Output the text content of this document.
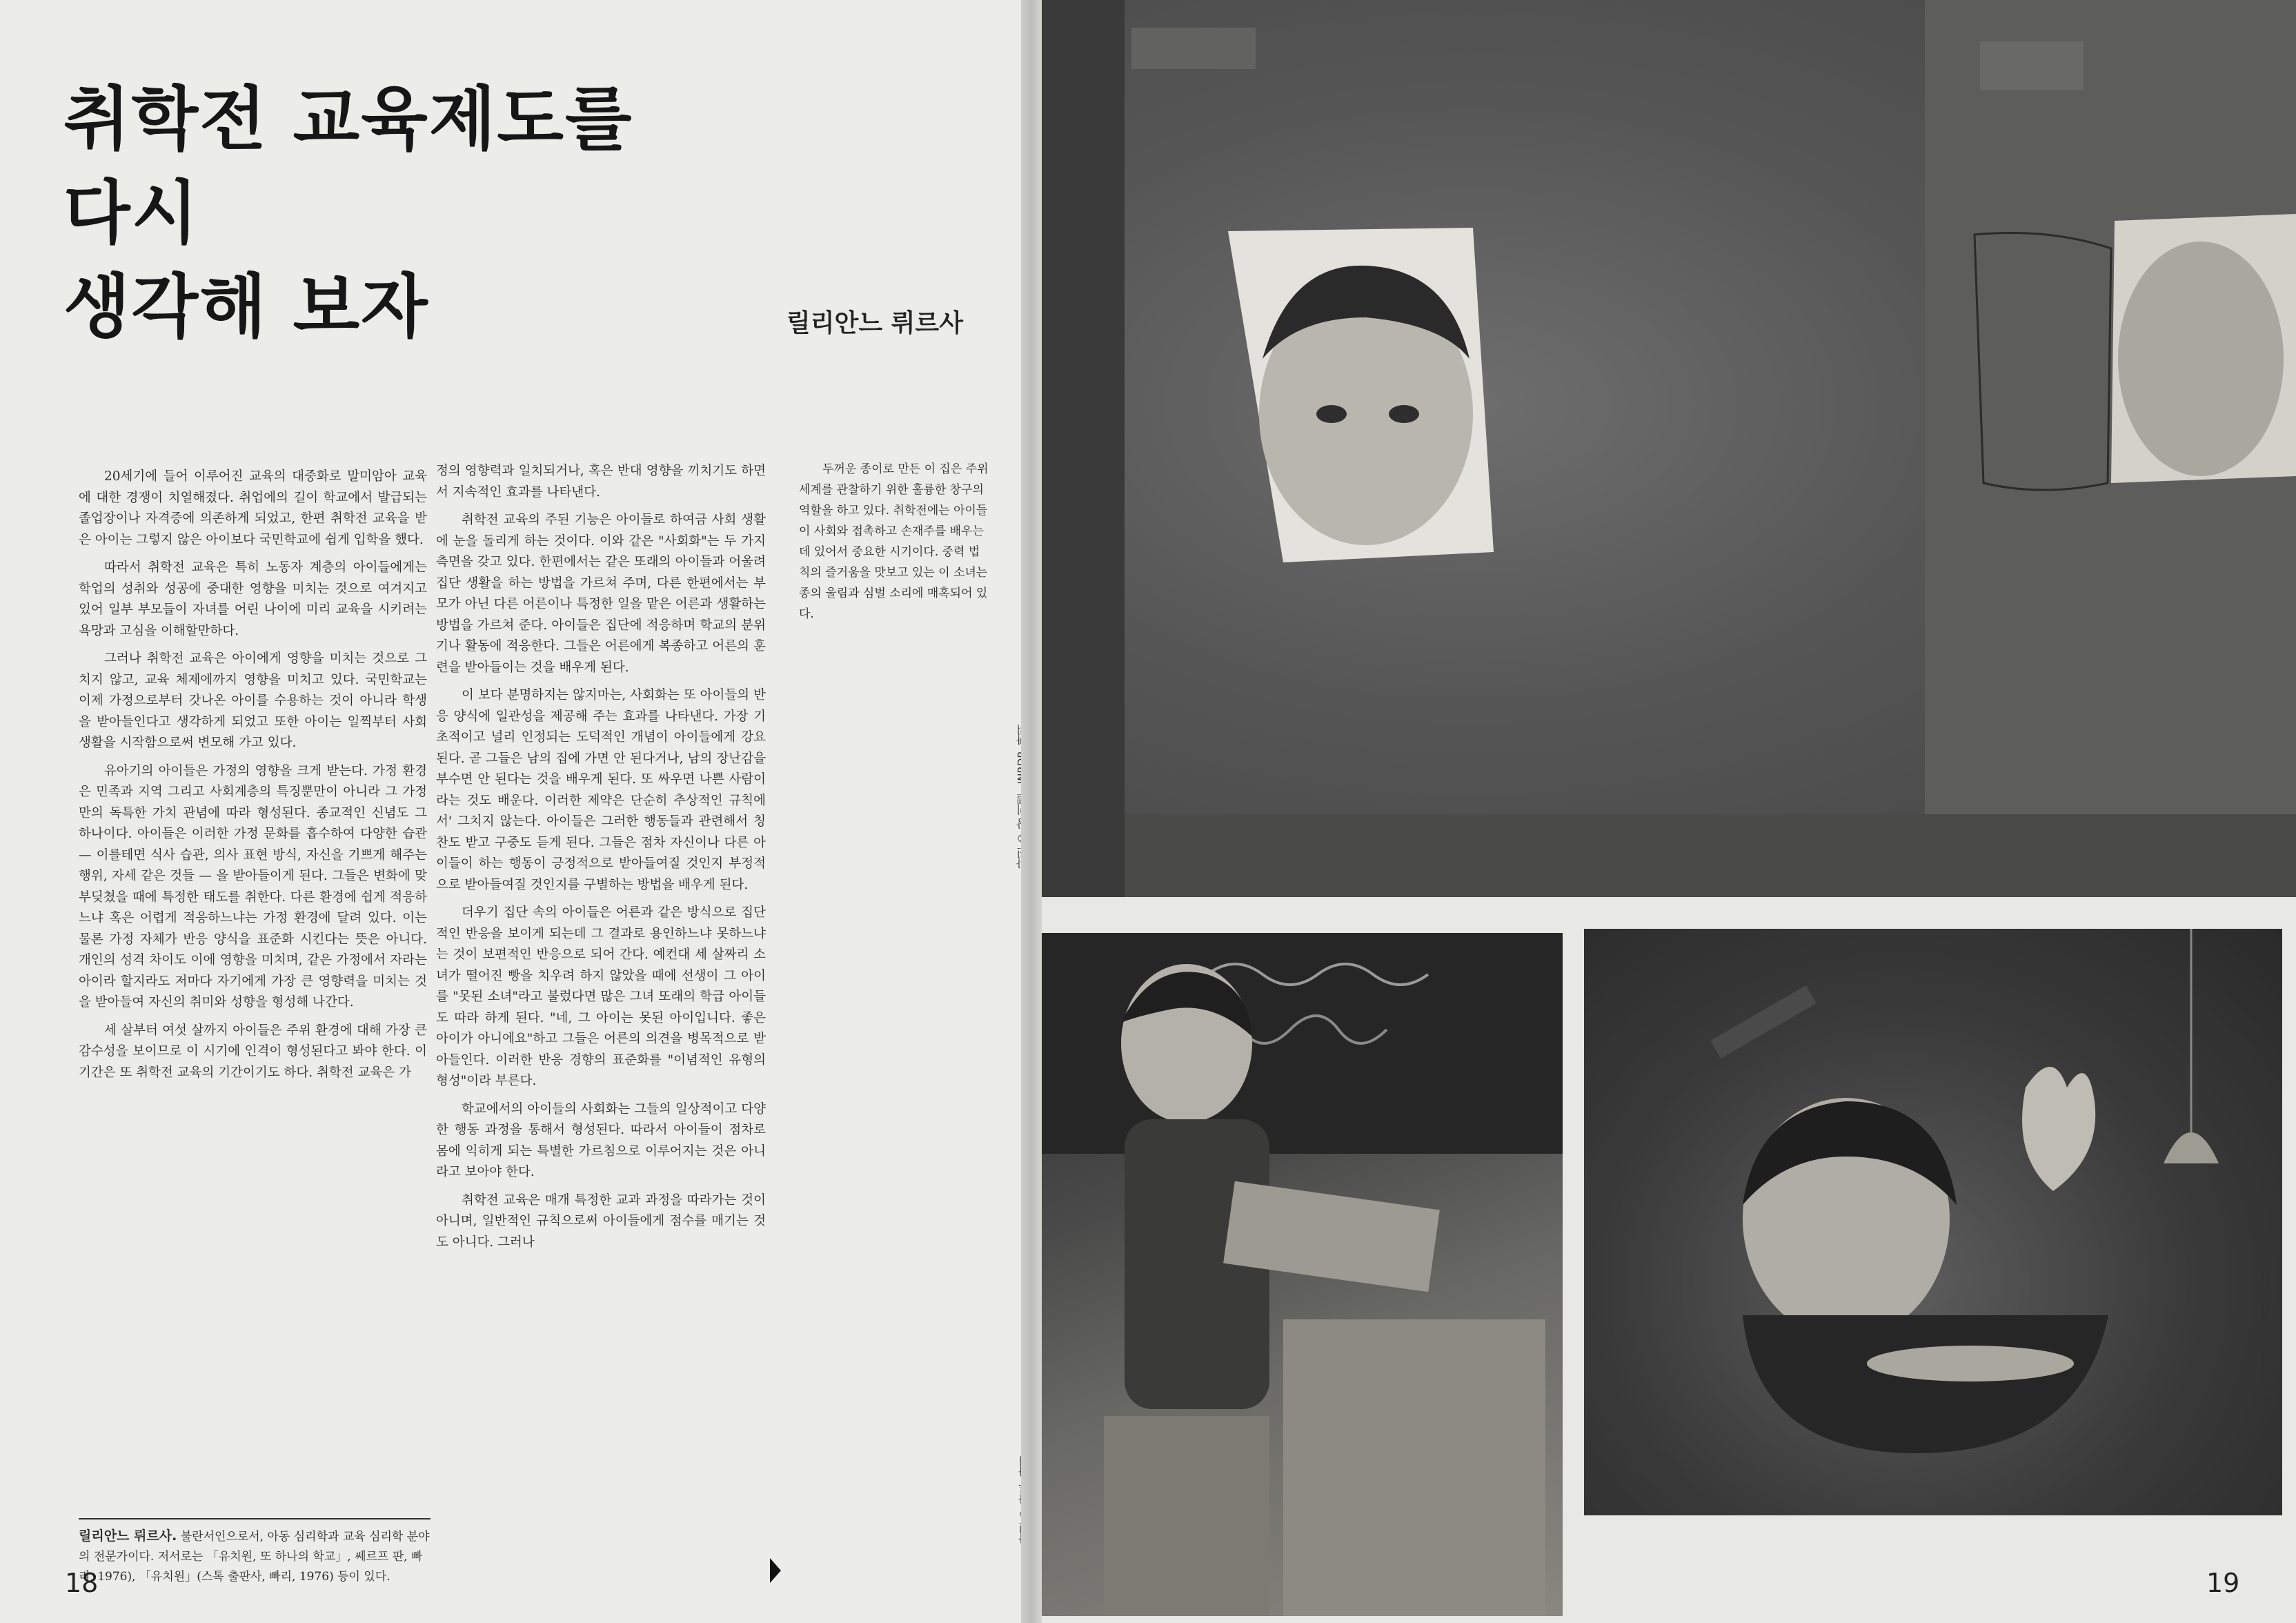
취학전 교육제도를
다시
생각해 보자	릴리안느 뤼르사

20세기에 들어 이루어진 교육의 대중화로 말미암아 교육에 대한 경쟁이 치열해졌다. 취업에의 길이 학교에서 발급되는 졸업장이나 자격증에 의존하게 되었고, 한편 취학전 교육을 받은 아이는 그렇지 않은 아이보다 국민학교에 쉽게 입학을 했다.

따라서 취학전 교육은 특히 노동자 계층의 아이들에게는 학업의 성취와 성공에 중대한 영향을 미치는 것으로 여겨지고 있어 일부 부모들이 자녀를 어린 나이에 미리 교육을 시키려는 욕망과 고심을 이해할만하다.

그러나 취학전 교육은 아이에게 영향을 미치는 것으로 그치지 않고, 교육 체제에까지 영향을 미치고 있다. 국민학교는 이제 가정으로부터 갓나온 아이를 수용하는 것이 아니라 학생을 받아들인다고 생각하게 되었고 또한 아이는 일찍부터 사회 생활을 시작함으로써 변모해 가고 있다.

유아기의 아이들은 가정의 영향을 크게 받는다. 가정 환경은 민족과 지역 그리고 사회계층의 특징뿐만이 아니라 그 가정만의 독특한 가치 관념에 따라 형성된다. 종교적인 신념도 그 하나이다. 아이들은 이러한 가정 문화를 흡수하여 다양한 습관 — 이를테면 식사 습관, 의사 표현 방식, 자신을 기쁘게 해주는 행위, 자세 같은 것들 — 을 받아들이게 된다. 그들은 변화에 맞부딪쳤을 때에 특정한 태도를 취한다. 다른 환경에 쉽게 적응하느냐 혹은 어렵게 적응하느냐는 가정 환경에 달려 있다. 이는 물론 가정 자체가 반응 양식을 표준화 시킨다는 뜻은 아니다. 개인의 성격 차이도 이에 영향을 미치며, 같은 가정에서 자라는 아이라 할지라도 저마다 자기에게 가장 큰 영향력을 미치는 것을 받아들여 자신의 취미와 성향을 형성해 나간다.

세 살부터 여섯 살까지 아이들은 주위 환경에 대해 가장 큰 감수성을 보이므로 이 시기에 인격이 형성된다고 봐야 한다. 이 기간은 또 취학전 교육의 기간이기도 하다. 취학전 교육은 가

정의 영향력과 일치되거나, 혹은 반대 영향을 끼치기도 하면서 지속적인 효과를 나타낸다.

취학전 교육의 주된 기능은 아이들로 하여금 사회 생활에 눈을 돌리게 하는 것이다. 이와 같은 "사회화"는 두 가지 측면을 갖고 있다. 한편에서는 같은 또래의 아이들과 어울려 집단 생활을 하는 방법을 가르쳐 주며, 다른 한편에서는 부모가 아닌 다른 어른이나 특정한 일을 맡은 어른과 생활하는 방법을 가르쳐 준다. 아이들은 집단에 적응하며 학교의 분위기나 활동에 적응한다. 그들은 어른에게 복종하고 어른의 훈련을 받아들이는 것을 배우게 된다.

이 보다 분명하지는 않지마는, 사회화는 또 아이들의 반응 양식에 일관성을 제공해 주는 효과를 나타낸다. 가장 기초적이고 널리 인정되는 도덕적인 개념이 아이들에게 강요된다. 곧 그들은 남의 집에 가면 안 된다거나, 남의 장난감을 부수면 안 된다는 것을 배우게 된다. 또 싸우면 나쁜 사람이라는 것도 배운다. 이러한 제약은 단순히 추상적인 규칙에서' 그치지 않는다. 아이들은 그러한 행동들과 관련해서 칭찬도 받고 구중도 듣게 된다. 그들은 점차 자신이나 다른 아이들이 하는 행동이 긍정적으로 받아들여질 것인지 부정적으로 받아들여질 것인지를 구별하는 방법을 배우게 된다.

더우기 집단 속의 아이들은 어른과 같은 방식으로 집단적인 반응을 보이게 되는데 그 결과로 용인하느냐 못하느냐는 것이 보편적인 반응으로 되어 간다. 예컨대 세 살짜리 소녀가 떨어진 빵을 치우려 하지 않았을 때에 선생이 그 아이를 "못된 소녀"라고 불렀다면 많은 그녀 또래의 학급 아이들도 따라 하게 된다. "네, 그 아이는 못된 아이입니다. 좋은 아이가 아니에요"하고 그들은 어른의 의견을 병목적으로 받아들인다. 이러한 반응 경향의 표준화를 "이념적인 유형의 형성"이라 부른다.

학교에서의 아이들의 사회화는 그들의 일상적이고 다양한 행동 과정을 통해서 형성된다. 따라서 아이들이 점차로 몸에 익히게 되는 특별한 가르침으로 이루어지는 것은 아니라고 보아야 한다.

취학전 교육은 매개 특정한 교과 과정을 따라가는 것이 아니며, 일반적인 규칙으로써 아이들에게 점수를 매기는 것도 아니다. 그러나

두꺼운 종이로 만든 이 집은 주위 세계를 관찰하기 위한 훌륭한 창구의 역할을 하고 있다. 취학전에는 아이들이 사회와 접촉하고 손재주를 배우는 데 있어서 중요한 시기이다. 중력 법칙의 즐거움을 맛보고 있는 이 소녀는 종의 울림과 심벌 소리에 매혹되어 있다.
릴리안느 뤼르사. 불란서인으로서, 아동 심리학과 교육 심리학 분야의 전문가이다. 저서로는 「유치원, 또 하나의 학교」, 쎄르프 판, 빠리, 1976), 「유치원」(스톡 출판사, 빠리, 1976) 등이 있다.
18
사진 © 장 쉬드르—빠리드파리
19
